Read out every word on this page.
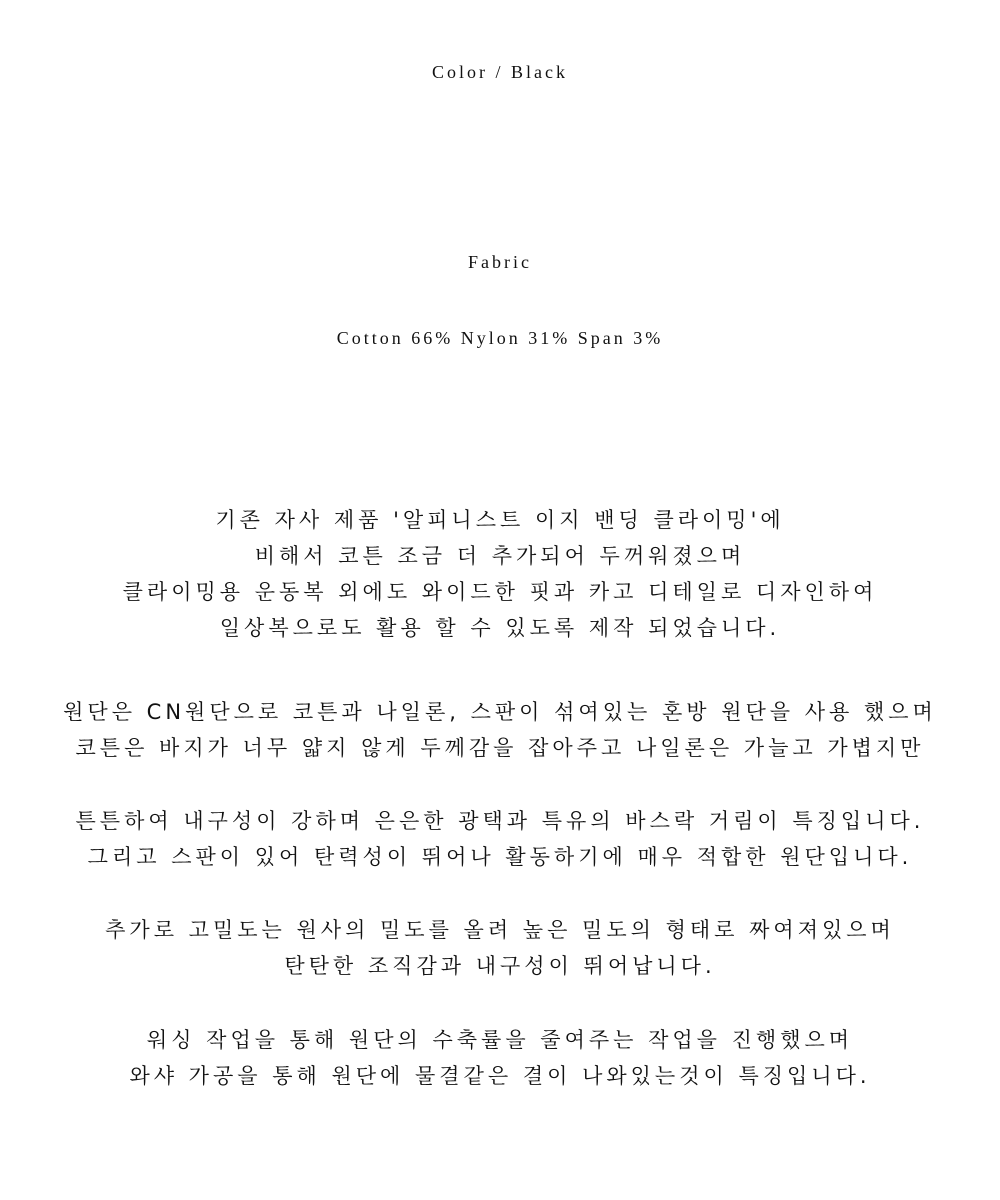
Color / Black
Fabric
Cotton 66% Nylon 31% Span 3%
기존 자사 제품 '알피니스트 이지 밴딩 클라이밍'에
비해서 코튼 조금 더 추가되어 두꺼워졌으며
클라이밍용 운동복 외에도 와이드한 핏과 카고 디테일로 디자인하여
일상복으로도 활용 할 수 있도록 제작 되었습니다.
원단은 CN원단으로 코튼과 나일론, 스판이 섞여있는 혼방 원단을 사용 했으며
코튼은 바지가 너무 얇지 않게 두께감을 잡아주고 나일론은 가늘고 가볍지만
튼튼하여 내구성이 강하며 은은한 광택과 특유의 바스락 거림이 특징입니다.
그리고 스판이 있어 탄력성이 뛰어나 활동하기에 매우 적합한 원단입니다.
추가로 고밀도는 원사의 밀도를 올려 높은 밀도의 형태로 짜여져있으며
탄탄한 조직감과 내구성이 뛰어납니다.
워싱 작업을 통해 원단의 수축률을 줄여주는 작업을 진행했으며
와샤 가공을 통해 원단에 물결같은 결이 나와있는것이 특징입니다.
